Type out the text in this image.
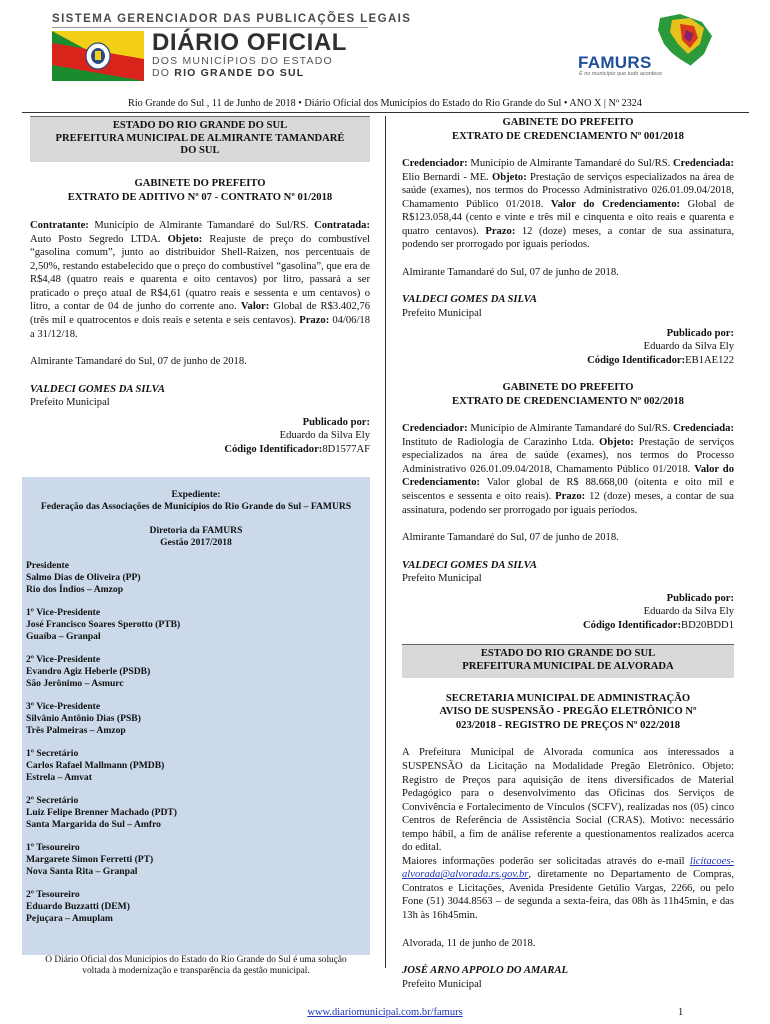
SISTEMA GERENCIADOR DAS PUBLICAÇÕES LEGAIS
DIÁRIO OFICIAL
DOS MUNICÍPIOS DO ESTADO
DO RIO GRANDE DO SUL
FAMURS
É no município que tudo acontece
Rio Grande do Sul , 11 de Junho de 2018 • Diário Oficial dos Municípios do Estado do Rio Grande do Sul • ANO X | Nº 2324
ESTADO DO RIO GRANDE DO SUL
PREFEITURA MUNICIPAL DE ALMIRANTE TAMANDARÉ
DO SUL
GABINETE DO PREFEITO
EXTRATO DE ADITIVO Nº 07 - CONTRATO Nº 01/2018

Contratante: Município de Almirante Tamandaré do Sul/RS. Contratada: Auto Posto Segredo LTDA. Objeto: Reajuste de preço do combustível “gasolina comum”, junto ao distribuidor Shell-Raizen, nos percentuais de 2,50%, restando estabelecido que o preço do combustível “gasolina”, que era de R$4,48 (quatro reais e quarenta e oito centavos) por litro, passará a ser praticado o preço atual de R$4,61 (quatro reais e sessenta e um centavos) o litro, a contar de 04 de junho do corrente ano. Valor: Global de R$3.402,76 (três mil e quatrocentos e dois reais e setenta e seis centavos). Prazo: 04/06/18 a 31/12/18.

Almirante Tamandaré do Sul, 07 de junho de 2018.

VALDECI GOMES DA SILVA

Prefeito Municipal

Publicado por:

Eduardo da Silva Ely

Código Identificador:8D1577AF

Expediente:
Federação das Associações de Municípios do Rio Grande do Sul – FAMURS
Diretoria da FAMURS
Gestão 2017/2018
Presidente
Salmo Dias de Oliveira (PP)
Rio dos Índios – Amzop
1º Vice-Presidente
José Francisco Soares Sperotto (PTB)
Guaíba – Granpal
2º Vice-Presidente
Evandro Agiz Heberle (PSDB)
São Jerônimo – Asmurc
3º Vice-Presidente
Silvânio Antônio Dias (PSB)
Três Palmeiras – Amzop
1º Secretário
Carlos Rafael Mallmann (PMDB)
Estrela – Amvat
2º Secretário
Luiz Felipe Brenner Machado (PDT)
Santa Margarida do Sul – Amfro
1º Tesoureiro
Margarete Simon Ferretti (PT)
Nova Santa Rita – Granpal
2º Tesoureiro
Eduardo Buzzatti (DEM)
Pejuçara – Amuplam
O Diário Oficial dos Municípios do Estado do Rio Grande do Sul é uma solução
voltada à modernização e transparência da gestão municipal.
GABINETE DO PREFEITO
EXTRATO DE CREDENCIAMENTO Nº 001/2018

Credenciador: Município de Almirante Tamandaré do Sul/RS. Credenciada: Elio Bernardi - ME. Objeto: Prestação de serviços especializados na área de saúde (exames), nos termos do Processo Administrativo 026.01.09.04/2018, Chamamento Público 01/2018. Valor do Credenciamento: Global de R$123.058,44 (cento e vinte e três mil e cinquenta e oito reais e quarenta e quatro centavos). Prazo: 12 (doze) meses, a contar de sua assinatura, podendo ser prorrogado por iguais períodos.

Almirante Tamandaré do Sul, 07 de junho de 2018.

VALDECI GOMES DA SILVA

Prefeito Municipal

Publicado por:

Eduardo da Silva Ely

Código Identificador:EB1AE122

GABINETE DO PREFEITO
EXTRATO DE CREDENCIAMENTO Nº 002/2018

Credenciador: Município de Almirante Tamandaré do Sul/RS. Credenciada: Instituto de Radiologia de Carazinho Ltda. Objeto: Prestação de serviços especializados na área de saúde (exames), nos termos do Processo Administrativo 026.01.09.04/2018, Chamamento Público 01/2018. Valor do Credenciamento: Valor global de R$ 88.668,00 (oitenta e oito mil e seiscentos e sessenta e oito reais). Prazo: 12 (doze) meses, a contar de sua assinatura, podendo ser prorrogado por iguais períodos.

Almirante Tamandaré do Sul, 07 de junho de 2018.

VALDECI GOMES DA SILVA

Prefeito Municipal

Publicado por:

Eduardo da Silva Ely

Código Identificador:BD20BDD1

ESTADO DO RIO GRANDE DO SUL
PREFEITURA MUNICIPAL DE ALVORADA
SECRETARIA MUNICIPAL DE ADMINISTRAÇÃO
AVISO DE SUSPENSÃO - PREGÃO ELETRÔNICO Nº
023/2018 - REGISTRO DE PREÇOS Nº 022/2018

A Prefeitura Municipal de Alvorada comunica aos interessados a SUSPENSÃO da Licitação na Modalidade Pregão Eletrônico. Objeto: Registro de Preços para aquisição de itens diversificados de Material Pedagógico para o desenvolvimento das Oficinas dos Serviços de Convivência e Fortalecimento de Vínculos (SCFV), realizadas nos (05) cinco Centros de Referência de Assistência Social (CRAS). Motivo: necessário tempo hábil, a fim de análise referente a questionamentos realizados acerca do edital.

Maiores informações poderão ser solicitadas através do e-mail licitacoes-alvorada@alvorada.rs.gov.br, diretamente no Departamento de Compras, Contratos e Licitações, Avenida Presidente Getúlio Vargas, 2266, ou pelo Fone (51) 3044.8563 – de segunda a sexta-feira, das 08h às 11h45min, e das 13h às 16h45min.

Alvorada, 11 de junho de 2018.

JOSÉ ARNO APPOLO DO AMARAL

Prefeito Municipal

www.diariomunicipal.com.br/famurs	1
